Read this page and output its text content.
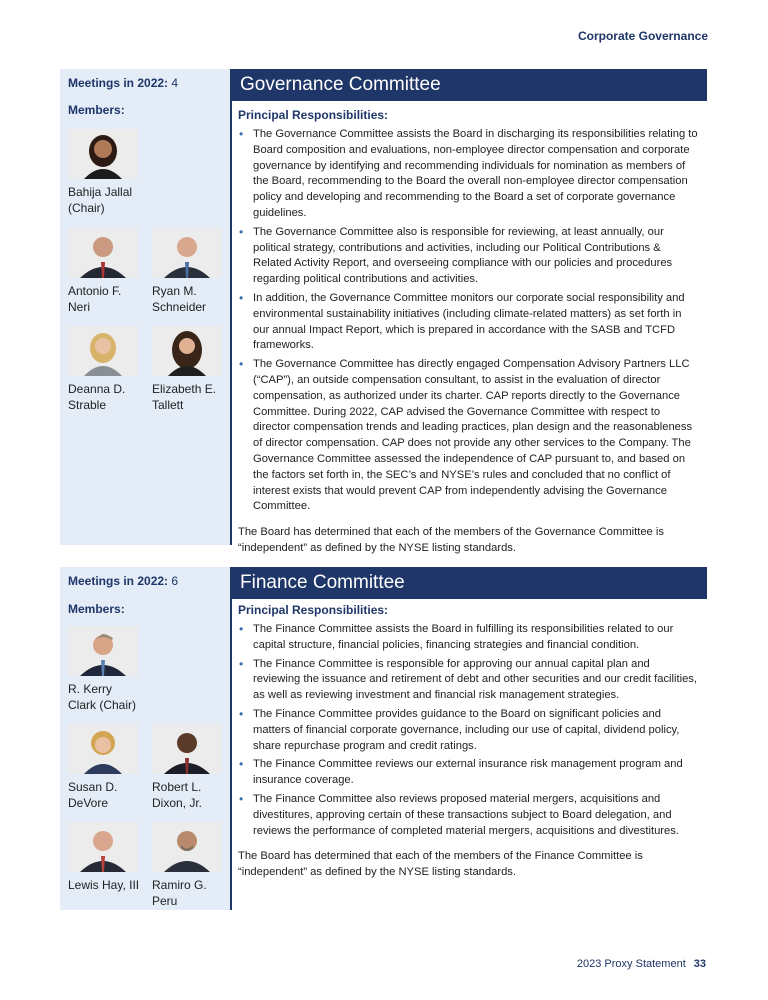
Corporate Governance
Meetings in 2022: 4
Members:
Bahija Jallal
(Chair)
Antonio F.
Neri
Ryan M.
Schneider
Deanna D.
Strable
Elizabeth E.
Tallett
Governance Committee
Principal Responsibilities:
• The Governance Committee assists the Board in discharging its responsibilities relating to Board composition and evaluations, non-employee director compensation and corporate governance by identifying and recommending individuals for nomination as members of the Board, recommending to the Board the overall non-employee director compensation policy and developing and recommending to the Board a set of corporate governance guidelines.
• The Governance Committee also is responsible for reviewing, at least annually, our political strategy, contributions and activities, including our Political Contributions & Related Activity Report, and overseeing compliance with our policies and procedures regarding political contributions and activities.
• In addition, the Governance Committee monitors our corporate social responsibility and environmental sustainability initiatives (including climate-related matters) as set forth in our annual Impact Report, which is prepared in accordance with the SASB and TCFD frameworks.
• The Governance Committee has directly engaged Compensation Advisory Partners LLC (“CAP”), an outside compensation consultant, to assist in the evaluation of director compensation, as authorized under its charter. CAP reports directly to the Governance Committee. During 2022, CAP advised the Governance Committee with respect to director compensation trends and leading practices, plan design and the reasonableness of director compensation. CAP does not provide any other services to the Company. The Governance Committee assessed the independence of CAP pursuant to, and based on the factors set forth in, the SEC’s and NYSE’s rules and concluded that no conflict of interest exists that would prevent CAP from independently advising the Governance Committee.
The Board has determined that each of the members of the Governance Committee is “independent” as defined by the NYSE listing standards.
Meetings in 2022: 6
Members:
R. Kerry
Clark (Chair)
Susan D.
DeVore
Robert L.
Dixon, Jr.
Lewis Hay, III	Ramiro G.
Peru
Finance Committee
Principal Responsibilities:
• The Finance Committee assists the Board in fulfilling its responsibilities related to our capital structure, financial policies, financing strategies and financial condition.
• The Finance Committee is responsible for approving our annual capital plan and reviewing the issuance and retirement of debt and other securities and our credit facilities, as well as reviewing investment and financial risk management strategies.
• The Finance Committee provides guidance to the Board on significant policies and matters of financial corporate governance, including our use of capital, dividend policy, share repurchase program and credit ratings.
• The Finance Committee reviews our external insurance risk management program and insurance coverage.
• The Finance Committee also reviews proposed material mergers, acquisitions and divestitures, approving certain of these transactions subject to Board delegation, and reviews the performance of completed material mergers, acquisitions and divestitures.
The Board has determined that each of the members of the Finance Committee is “independent” as defined by the NYSE listing standards.
2023 Proxy Statement 33
